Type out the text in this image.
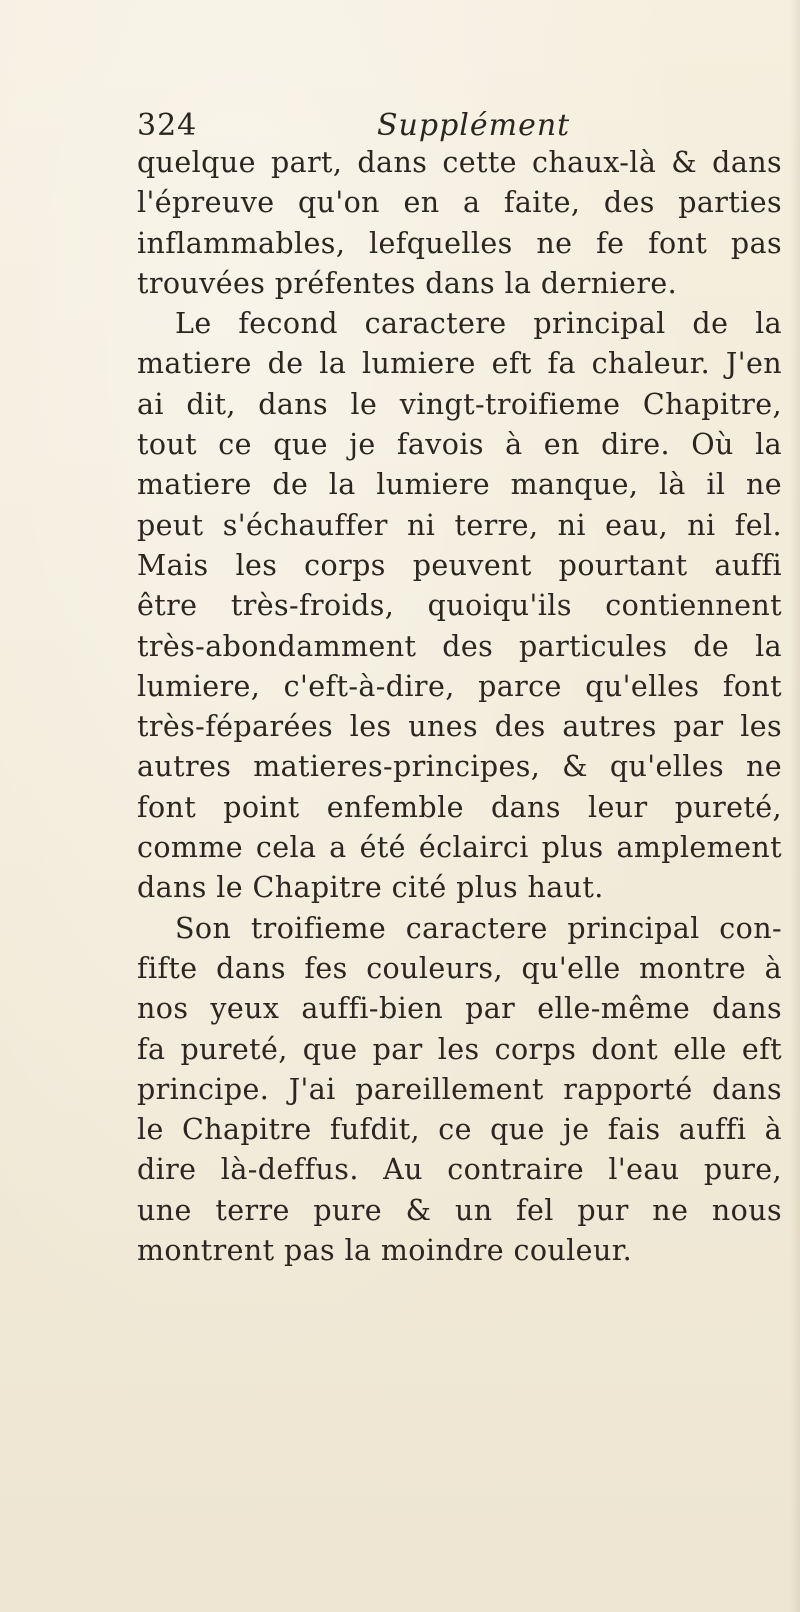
324	Supplément
quelque part, dans cette chaux-là & dans
l'épreuve qu'on en a faite, des parties
inflammables, lefquelles ne fe font pas
trouvées préfentes dans la derniere.
Le fecond caractere principal de la
matiere de la lumiere eft fa chaleur. J'en
ai dit, dans le vingt-troifieme Chapitre,
tout ce que je favois à en dire. Où la
matiere de la lumiere manque, là il ne
peut s'échauffer ni terre, ni eau, ni fel.
Mais les corps peuvent pourtant auffi
être très-froids, quoiqu'ils contiennent
très-abondamment des particules de la
lumiere, c'eft-à-dire, parce qu'elles font
très-féparées les unes des autres par les
autres matieres-principes, & qu'elles ne
font point enfemble dans leur pureté,
comme cela a été éclairci plus amplement
dans le Chapitre cité plus haut.
Son troifieme caractere principal con-
fifte dans fes couleurs, qu'elle montre à
nos yeux auffi-bien par elle-même dans
fa pureté, que par les corps dont elle eft
principe. J'ai pareillement rapporté dans
le Chapitre fufdit, ce que je fais auffi à
dire là-deffus. Au contraire l'eau pure,
une terre pure & un fel pur ne nous
montrent pas la moindre couleur.
